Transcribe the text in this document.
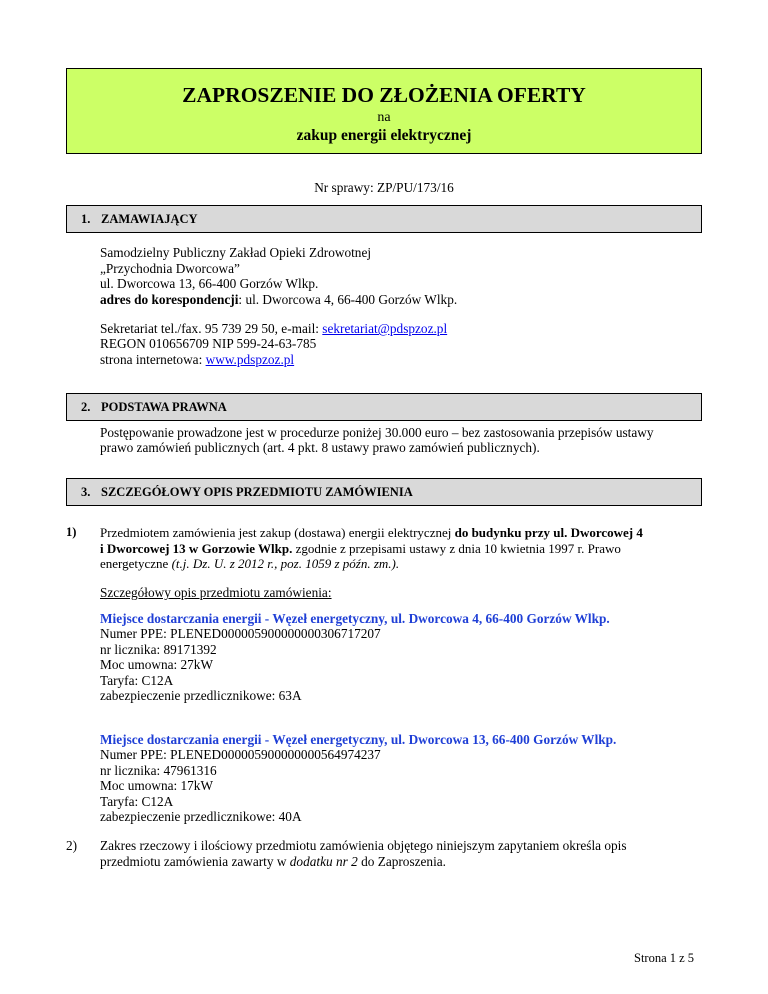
ZAPROSZENIE DO ZŁOŻENIA OFERTY
na
zakup energii elektrycznej
Nr sprawy: ZP/PU/173/16
1. ZAMAWIAJĄCY
Samodzielny Publiczny Zakład Opieki Zdrowotnej
„Przychodnia Dworcowa”
ul. Dworcowa 13, 66-400 Gorzów Wlkp.
adres do korespondencji: ul. Dworcowa 4, 66-400 Gorzów Wlkp.
Sekretariat tel./fax. 95 739 29 50, e-mail: sekretariat@pdspzoz.pl
REGON 010656709 NIP 599-24-63-785
strona internetowa: www.pdspzoz.pl
2. PODSTAWA PRAWNA
Postępowanie prowadzone jest w procedurze poniżej 30.000 euro – bez zastosowania przepisów ustawy
prawo zamówień publicznych (art. 4 pkt. 8 ustawy prawo zamówień publicznych).
3. SZCZEGÓŁOWY OPIS PRZEDMIOTU ZAMÓWIENIA
1) Przedmiotem zamówienia jest zakup (dostawa) energii elektrycznej do budynku przy ul. Dworcowej 4
i Dworcowej 13 w Gorzowie Wlkp. zgodnie z przepisami ustawy z dnia 10 kwietnia 1997 r. Prawo
energetyczne (t.j. Dz. U. z 2012 r., poz. 1059 z późn. zm.).
Szczegółowy opis przedmiotu zamówienia:
Miejsce dostarczania energii - Węzeł energetyczny, ul. Dworcowa 4, 66-400 Gorzów Wlkp.
Numer PPE: PLENED000005900000000306717207
nr licznika: 89171392
Moc umowna: 27kW
Taryfa: C12A
zabezpieczenie przedlicznikowe: 63A
Miejsce dostarczania energii - Węzeł energetyczny, ul. Dworcowa 13, 66-400 Gorzów Wlkp.
Numer PPE: PLENED000005900000000564974237
nr licznika: 47961316
Moc umowna: 17kW
Taryfa: C12A
zabezpieczenie przedlicznikowe: 40A
2) Zakres rzeczowy i ilościowy przedmiotu zamówienia objętego niniejszym zapytaniem określa opis
przedmiotu zamówienia zawarty w dodatku nr 2 do Zaproszenia.
Strona 1 z 5
